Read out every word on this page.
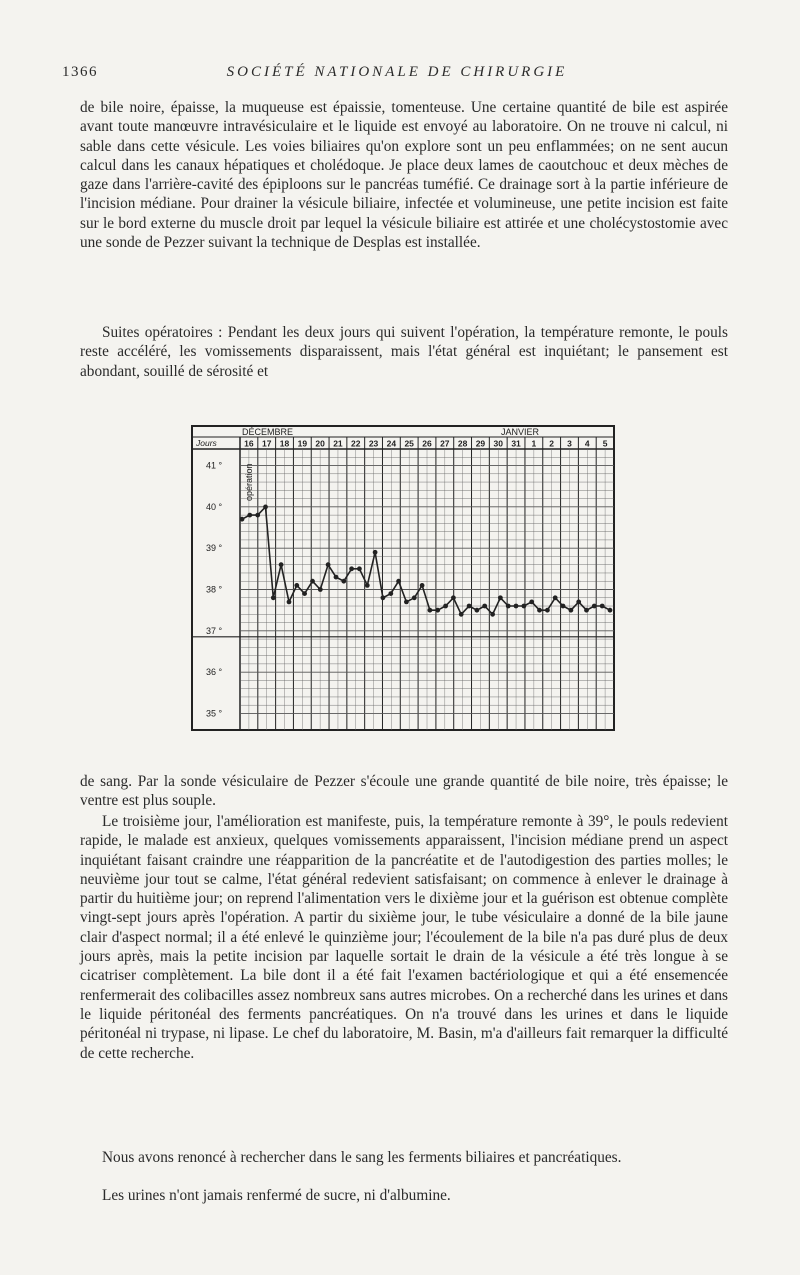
1366	SOCIÉTÉ NATIONALE DE CHIRURGIE

de bile noire, épaisse, la muqueuse est épaissie, tomenteuse. Une certaine quantité de bile est aspirée avant toute manœuvre intravésiculaire et le liquide est envoyé au laboratoire. On ne trouve ni calcul, ni sable dans cette vésicule. Les voies biliaires qu'on explore sont un peu enflammées; on ne sent aucun calcul dans les canaux hépatiques et cholédoque. Je place deux lames de caoutchouc et deux mèches de gaze dans l'arrière-cavité des épiploons sur le pancréas tuméfié. Ce drainage sort à la partie inférieure de l'incision médiane. Pour drainer la vésicule biliaire, infectée et volumineuse, une petite incision est faite sur le bord externe du muscle droit par lequel la vésicule biliaire est attirée et une cholécystostomie avec une sonde de Pezzer suivant la technique de Desplas est installée.

Suites opératoires : Pendant les deux jours qui suivent l'opération, la température remonte, le pouls reste accéléré, les vomissements disparaissent, mais l'état général est inquiétant; le pansement est abondant, souillé de sérosité et

DÉCEMBRE	JANVIER
Jours	16 17 18 19 20 21 22 23 24 25 26 27 28 29 30 31 1 2 3 4 5
41 °
40 °
39 °
38 °
37 °
36 °
35 °
opération

de sang. Par la sonde vésiculaire de Pezzer s'écoule une grande quantité de bile noire, très épaisse; le ventre est plus souple.

Le troisième jour, l'amélioration est manifeste, puis, la température remonte à 39°, le pouls redevient rapide, le malade est anxieux, quelques vomissements apparaissent, l'incision médiane prend un aspect inquiétant faisant craindre une réapparition de la pancréatite et de l'autodigestion des parties molles; le neuvième jour tout se calme, l'état général redevient satisfaisant; on commence à enlever le drainage à partir du huitième jour; on reprend l'alimentation vers le dixième jour et la guérison est obtenue complète vingt-sept jours après l'opération. A partir du sixième jour, le tube vésiculaire a donné de la bile jaune clair d'aspect normal; il a été enlevé le quinzième jour; l'écoulement de la bile n'a pas duré plus de deux jours après, mais la petite incision par laquelle sortait le drain de la vésicule a été très longue à se cicatriser complètement. La bile dont il a été fait l'examen bactériologique et qui a été ensemencée renfermerait des colibacilles assez nombreux sans autres microbes. On a recherché dans les urines et dans le liquide péritonéal des ferments pancréatiques. On n'a trouvé dans les urines et dans le liquide péritonéal ni trypase, ni lipase. Le chef du laboratoire, M. Basin, m'a d'ailleurs fait remarquer la difficulté de cette recherche.

Nous avons renoncé à rechercher dans le sang les ferments biliaires et pancréatiques.

Les urines n'ont jamais renfermé de sucre, ni d'albumine.
